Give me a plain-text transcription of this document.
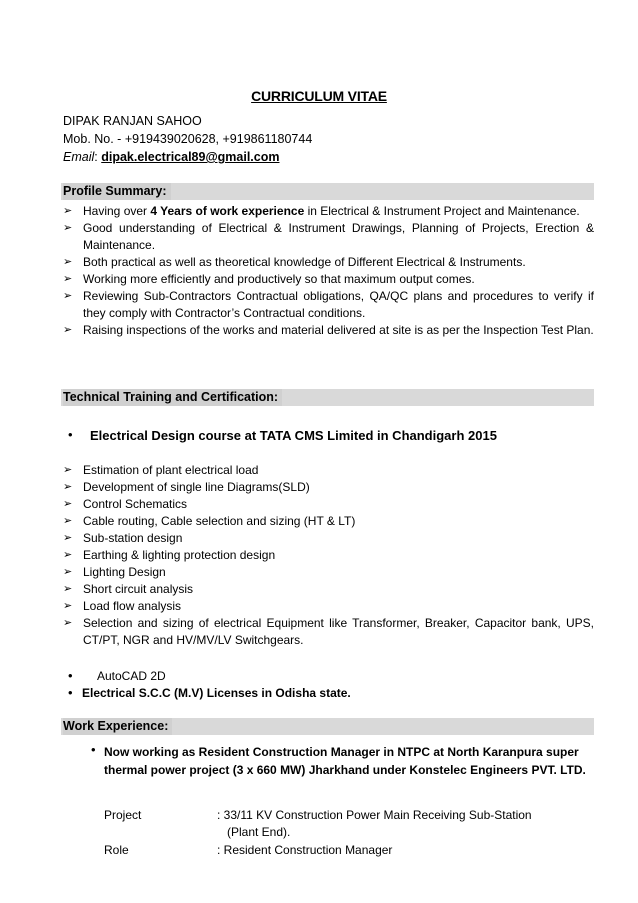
CURRICULUM VITAE
DIPAK RANJAN SAHOO
Mob. No. - +919439020628, +919861180744
Email: dipak.electrical89@gmail.com
Profile Summary:
➢ Having over 4 Years of work experience in Electrical & Instrument Project and Maintenance.
➢ Good understanding of Electrical & Instrument Drawings, Planning of Projects, Erection & Maintenance.
➢ Both practical as well as theoretical knowledge of Different Electrical & Instruments.
➢ Working more efficiently and productively so that maximum output comes.
➢ Reviewing Sub-Contractors Contractual obligations, QA/QC plans and procedures to verify if they comply with Contractor’s Contractual conditions.
➢ Raising inspections of the works and material delivered at site is as per the Inspection Test Plan.
Technical Training and Certification:
• Electrical Design course at TATA CMS Limited in Chandigarh 2015
➢ Estimation of plant electrical load
➢ Development of single line Diagrams(SLD)
➢ Control Schematics
➢ Cable routing, Cable selection and sizing (HT & LT)
➢ Sub-station design
➢ Earthing & lighting protection design
➢ Lighting Design
➢ Short circuit analysis
➢ Load flow analysis
➢ Selection and sizing of electrical Equipment like Transformer, Breaker, Capacitor bank, UPS, CT/PT, NGR and HV/MV/LV Switchgears.
• AutoCAD 2D
• Electrical S.C.C (M.V) Licenses in Odisha state.
Work Experience:
• Now working as Resident Construction Manager in NTPC at North Karanpura super thermal power project (3 x 660 MW) Jharkhand under Konstelec Engineers PVT. LTD.
Project	: 33/11 KV Construction Power Main Receiving Sub-Station
(Plant End).
Role	: Resident Construction Manager
